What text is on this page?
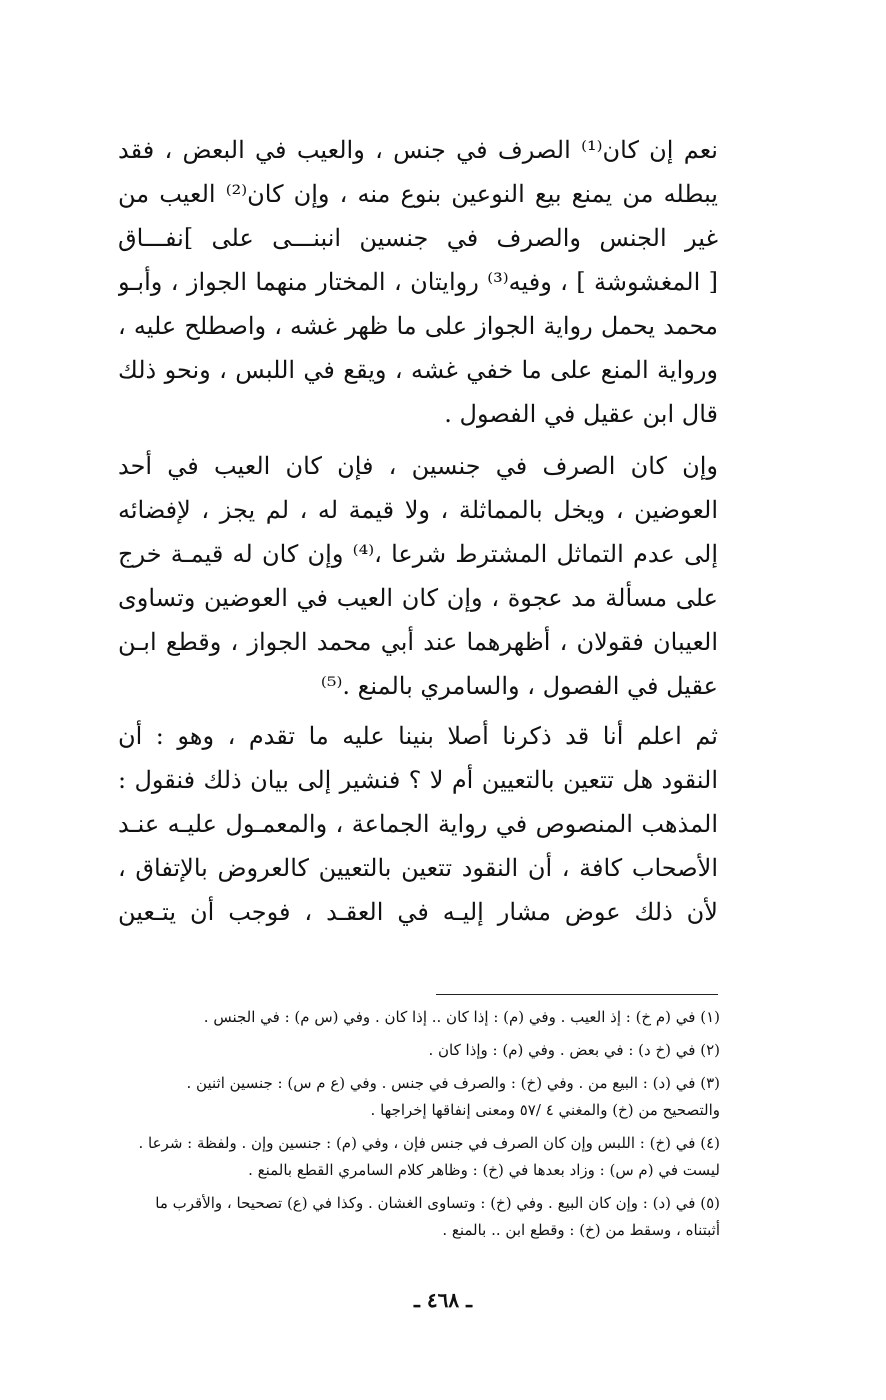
نعم إن كان⁽¹⁾ الصرف في جنس ، والعيب في البعض ، فقد
يبطله من يمنع بيع النوعين بنوع منه ، وإن كان⁽²⁾ العيب من
غير الجنس والصرف في جنسين انبنـــى على ]نفـــاق
[ المغشوشة ] ، وفيه⁽³⁾ روايتان ، المختار منهما الجواز ، وأبـو
محمد يحمل رواية الجواز على ما ظهر غشه ، واصطلح عليه ،
ورواية المنع على ما خفي غشه ، ويقع في اللبس ، ونحو ذلك
قال ابن عقيل في الفصول .
وإن كان الصرف في جنسين ، فإن كان العيب في أحد
العوضين ، ويخل بالمماثلة ، ولا قيمة له ، لم يجز ، لإفضائه
إلى عدم التماثل المشترط شرعا ،⁽⁴⁾ وإن كان له قيمـة خرج
على مسألة مد عجوة ، وإن كان العيب في العوضين وتساوى
العيبان فقولان ، أظهرهما عند أبي محمد الجواز ، وقطع ابـن
عقيل في الفصول ، والسامري بالمنع .⁽⁵⁾
ثم اعلم أنا قد ذكرنا أصلا بنينا عليه ما تقدم ، وهو : أن
النقود هل تتعين بالتعيين أم لا ؟ فنشير إلى بيان ذلك فنقول :
المذهب المنصوص في رواية الجماعة ، والمعمـول عليـه عنـد
الأصحاب كافة ، أن النقود تتعين بالتعيين كالعروض بالإتفاق ،
لأن ذلك عوض مشار إليـه في العقـد ، فوجب أن يتـعين
(١) في (م خ) : إذ العيب . وفي (م) : إذا كان .. إذا كان . وفي (س م) : في الجنس .
(٢) في (خ د) : في بعض . وفي (م) : وإذا كان .
(٣) في (د) : البيع من . وفي (خ) : والصرف في جنس . وفي (ع م س) : جنسين اثنين .
والتصحيح من (خ) والمغني ٤ /٥٧ ومعنى إنفاقها إخراجها .
(٤) في (خ) : اللبس وإن كان الصرف في جنس فإن ، وفي (م) : جنسين وإن . ولفظة : شرعا .
ليست في (م س) : وزاد بعدها في (خ) : وظاهر كلام السامري القطع بالمنع .
(٥) في (د) : وإن كان البيع . وفي (خ) : وتساوى الغشان . وكذا في (ع) تصحيحا ، والأقرب ما
أثبتناه ، وسقط من (خ) : وقطع ابن .. بالمنع .
ـ ٤٦٨ ـ
